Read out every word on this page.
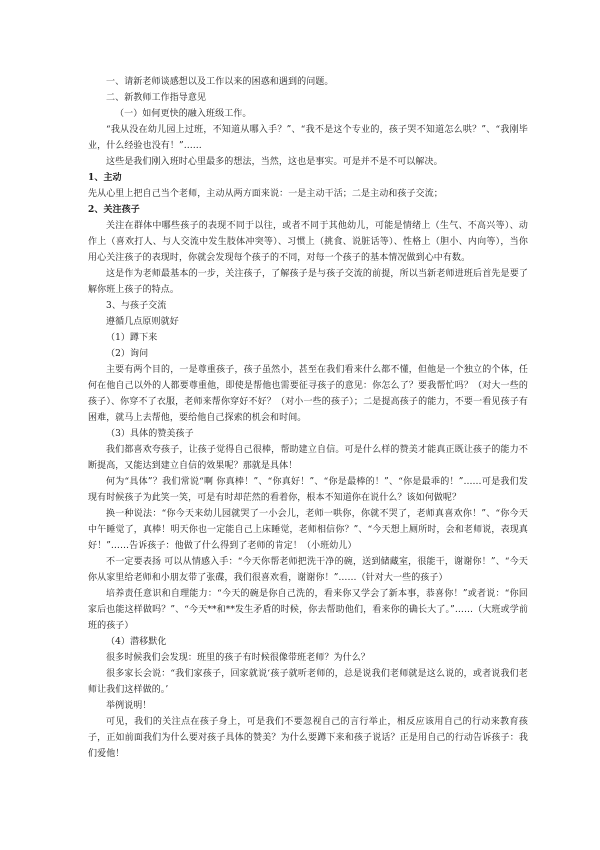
一、请新老师谈感想以及工作以来的困惑和遇到的问题。

二、新教师工作指导意见

（一）如何更快的融入班级工作。

“我从没在幼儿园上过班，不知道从哪入手？”、“我不是这个专业的，孩子哭不知道怎么哄？”、“我刚毕业，什么经验也没有！”……

这些是我们刚入班时心里最多的想法，当然，这也是事实。可是并不是不可以解决。

1、主动

先从心里上把自己当个老师，主动从两方面来说：一是主动干活；二是主动和孩子交流；

2、关注孩子

关注在群体中哪些孩子的表现不同于以往，或者不同于其他幼儿，可能是情绪上（生气、不高兴等）、动作上（喜欢打人、与人交流中发生肢体冲突等）、习惯上（挑食、说脏话等）、性格上（胆小、内向等），当你用心关注孩子的表现时，你就会发现每个孩子的不同，对每一个孩子的基本情况做到心中有数。

这是作为老师最基本的一步，关注孩子，了解孩子是与孩子交流的前提，所以当新老师进班后首先是要了解你班上孩子的特点。

3、与孩子交流

遵循几点原则就好

（1）蹲下来

（2）询问

主要有两个目的，一是尊重孩子，孩子虽然小，甚至在我们看来什么都不懂，但他是一个独立的个体，任何在他自己以外的人都要尊重他，即使是帮他也需要征寻孩子的意见：你怎么了？要我帮忙吗？（对大一些的孩子）、你穿不了衣服，老师来帮你穿好不好？（对小一些的孩子）；二是提高孩子的能力，不要一看见孩子有困难，就马上去帮他，要给他自己探索的机会和时间。

（3）具体的赞美孩子

我们都喜欢夸孩子，让孩子觉得自己很棒，帮助建立自信。可是什么样的赞美才能真正既让孩子的能力不断提高，又能达到建立自信的效果呢？那就是具体！

何为“具体”？我们常说“啊 你真棒！”、“你真好！”、“你是最棒的！”、“你是最乖的！”……可是我们发现有时候孩子为此笑一笑，可是有时却茫然的看着你，根本不知道你在说什么？该如何做呢？

换一种说法：“你今天来幼儿园就哭了一小会儿，老师一哄你，你就不哭了，老师真喜欢你！”、“你今天中午睡觉了，真棒！明天你也一定能自己上床睡觉，老师相信你？”、“今天想上厕所时，会和老师说，表现真好！”……告诉孩子：他做了什么得到了老师的肯定！（小班幼儿）

不一定要表扬 可以从情感入手：“今天你帮老师把洗干净的碗，送到储藏室，很能干，谢谢你！”、“今天你从家里给老师和小朋友带了张碟，我们很喜欢看，谢谢你！”……（针对大一些的孩子）

培养责任意识和自理能力：“今天的碗是你自己洗的，看来你又学会了新本事，恭喜你！”或者说：“你回家后也能这样做吗？”、“今天**和**发生矛盾的时候，你去帮助他们，看来你的确长大了。”……（大班或学前班的孩子）

（4）潜移默化

很多时候我们会发现：班里的孩子有时候很像带班老师？为什么？

很多家长会说：“我们家孩子，回家就说‘孩子就听老师的，总是说我们老师就是这么说的，或者说我们老师让我们这样做的。’

举例说明！

可见，我们的关注点在孩子身上，可是我们不要忽视自己的言行举止，相反应该用自己的行动来教育孩子，正如前面我们为什么要对孩子具体的赞美？为什么要蹲下来和孩子说话？正是用自己的行动告诉孩子：我们爱他！
